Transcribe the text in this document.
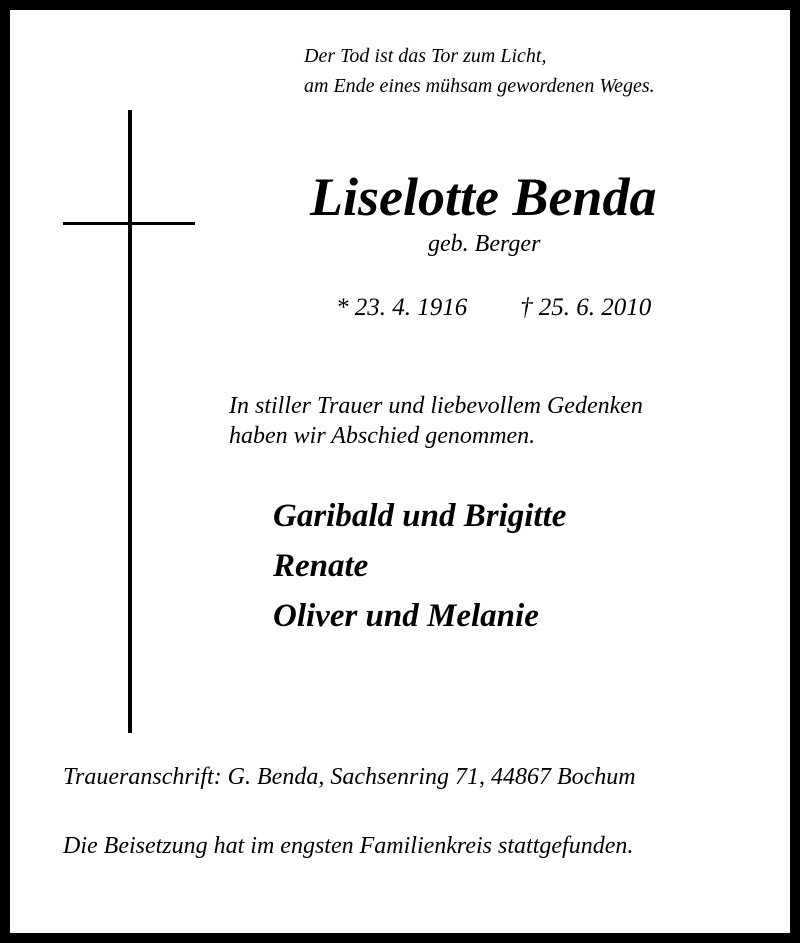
Der Tod ist das Tor zum Licht,
am Ende eines mühsam gewordenen Weges.
Liselotte Benda
geb. Berger
* 23. 4. 1916 † 25. 6. 2010
In stiller Trauer und liebevollem Gedenken
haben wir Abschied genommen.
Garibald und Brigitte
Renate
Oliver und Melanie
Traueranschrift: G. Benda, Sachsenring 71, 44867 Bochum
Die Beisetzung hat im engsten Familienkreis stattgefunden.
